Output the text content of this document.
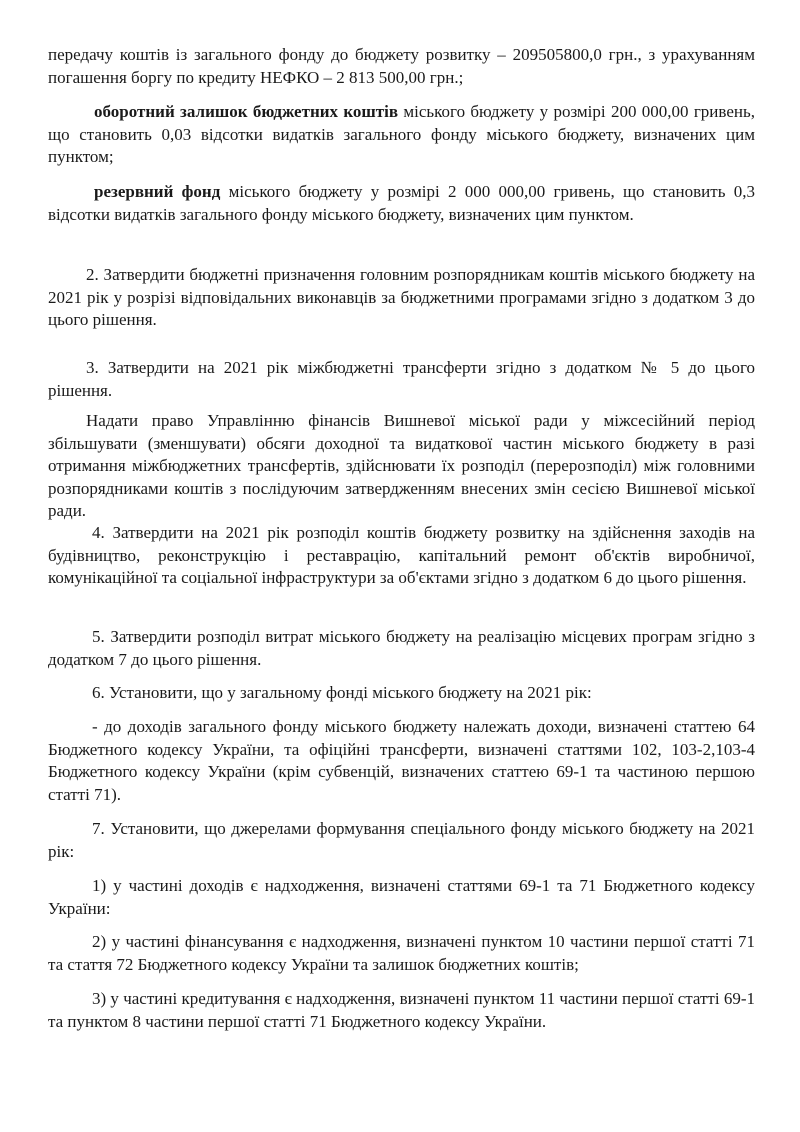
передачу коштів із загального фонду до бюджету розвитку – 209505800,0 грн., з урахуванням погашення боргу по кредиту НЕФКО – 2 813 500,00 грн.;

оборотний залишок бюджетних коштів міського бюджету у розмірі 200 000,00 гривень, що становить 0,03 відсотки видатків загального фонду міського бюджету, визначених цим пунктом;

резервний фонд міського бюджету у розмірі 2 000 000,00 гривень, що становить 0,3 відсотки видатків загального фонду міського бюджету, визначених цим пунктом.

2. Затвердити бюджетні призначення головним розпорядникам коштів міського бюджету на 2021 рік у розрізі відповідальних виконавців за бюджетними програмами згідно з додатком 3 до цього рішення.

3. Затвердити на 2021 рік міжбюджетні трансферти згідно з додатком № 5 до цього рішення.

Надати право Управлінню фінансів Вишневої міської ради у міжсесійний період збільшувати (зменшувати) обсяги доходної та видаткової частин міського бюджету в разі отримання міжбюджетних трансфертів, здійснювати їх розподіл (перерозподіл) між головними розпорядниками коштів з послідуючим затвердженням внесених змін сесією Вишневої міської ради.

4. Затвердити на 2021 рік розподіл коштів бюджету розвитку на здійснення заходів на будівництво, реконструкцію і реставрацію, капітальний ремонт об'єктів виробничої, комунікаційної та соціальної інфраструктури за об'єктами згідно з додатком 6 до цього рішення.

5. Затвердити розподіл витрат міського бюджету на реалізацію місцевих програм згідно з додатком 7 до цього рішення.

6. Установити, що у загальному фонді міського бюджету на 2021 рік:

- до доходів загального фонду міського бюджету належать доходи, визначені статтею 64 Бюджетного кодексу України, та офіційні трансферти, визначені статтями 102, 103-2,103-4 Бюджетного кодексу України (крім субвенцій, визначених статтею 69-1 та частиною першою статті 71).

7. Установити, що джерелами формування спеціального фонду міського бюджету на 2021 рік:

1) у частині доходів є надходження, визначені статтями 69-1 та 71 Бюджетного кодексу України:

2) у частині фінансування є надходження, визначені пунктом 10 частини першої статті 71 та стаття 72 Бюджетного кодексу України та залишок бюджетних коштів;

3) у частині кредитування є надходження, визначені пунктом 11 частини першої статті 69-1 та пунктом 8 частини першої статті 71 Бюджетного кодексу України.
